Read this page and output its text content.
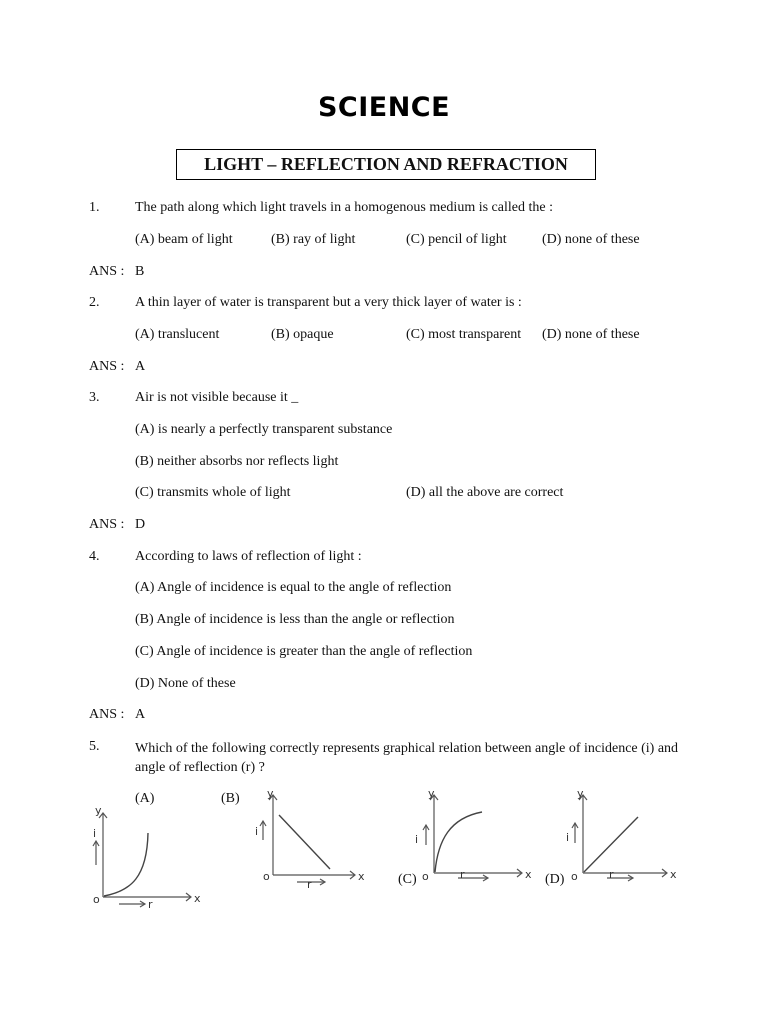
SCIENCE
LIGHT – REFLECTION AND REFRACTION
1.	The path along which light travels in a homogenous medium is called the :
(A) beam of light	(B) ray of light	(C) pencil of light	(D) none of these
ANS : B
2.	A thin layer of water is transparent but a very thick layer of water is :
(A) translucent	(B) opaque	(C) most transparent (D) none of these
ANS : A
3.	Air is not visible because it _
(A) is nearly a perfectly transparent substance
(B) neither absorbs nor reflects light
(C) transmits whole of light	(D) all the above are correct
ANS : D
4.	According to laws of reflection of light :
(A) Angle of incidence is equal to the angle of reflection
(B) Angle of incidence is less than the angle or reflection
(C) Angle of incidence is greater than the angle of reflection
(D) None of these
ANS : A
5.	Which of the following correctly represents graphical relation between angle of incidence (i) and angle of reflection (r) ?
(A)	(B)
(C)	(D)
y
i
o	x
r
y
i
o	x
r
y
i
o	x
r
y
i
o	x
r
